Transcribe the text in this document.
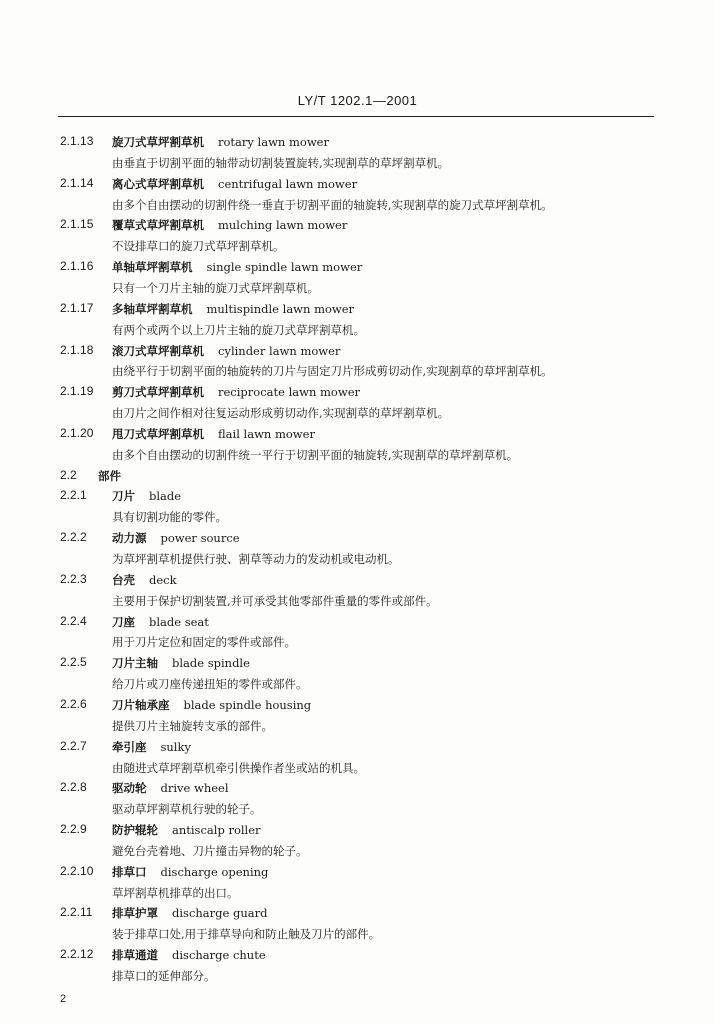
LY/T 1202.1—2001
2.1.13 旋刀式草坪割草机 rotary lawn mower
由垂直于切割平面的轴带动切割装置旋转,实现割草的草坪割草机。
2.1.14 离心式草坪割草机 centrifugal lawn mower
由多个自由摆动的切割件绕一垂直于切割平面的轴旋转,实现割草的旋刀式草坪割草机。
2.1.15 覆草式草坪割草机 mulching lawn mower
不设排草口的旋刀式草坪割草机。
2.1.16 单轴草坪割草机 single spindle lawn mower
只有一个刀片主轴的旋刀式草坪割草机。
2.1.17 多轴草坪割草机 multispindle lawn mower
有两个或两个以上刀片主轴的旋刀式草坪割草机。
2.1.18 滚刀式草坪割草机 cylinder lawn mower
由绕平行于切割平面的轴旋转的刀片与固定刀片形成剪切动作,实现割草的草坪割草机。
2.1.19 剪刀式草坪割草机 reciprocate lawn mower
由刀片之间作相对往复运动形成剪切动作,实现割草的草坪割草机。
2.1.20 甩刀式草坪割草机 flail lawn mower
由多个自由摆动的切割件统一平行于切割平面的轴旋转,实现割草的草坪割草机。
2.2 部件
2.2.1 刀片 blade
具有切割功能的零件。
2.2.2 动力源 power source
为草坪割草机提供行驶、割草等动力的发动机或电动机。
2.2.3 台壳 deck
主要用于保护切割装置,并可承受其他零部件重量的零件或部件。
2.2.4 刀座 blade seat
用于刀片定位和固定的零件或部件。
2.2.5 刀片主轴 blade spindle
给刀片或刀座传递扭矩的零件或部件。
2.2.6 刀片轴承座 blade spindle housing
提供刀片主轴旋转支承的部件。
2.2.7 牵引座 sulky
由随进式草坪割草机牵引供操作者坐或站的机具。
2.2.8 驱动轮 drive wheel
驱动草坪割草机行驶的轮子。
2.2.9 防护辊轮 antiscalp roller
避免台壳着地、刀片撞击异物的轮子。
2.2.10 排草口 discharge opening
草坪割草机排草的出口。
2.2.11 排草护罩 discharge guard
装于排草口处,用于排草导向和防止触及刀片的部件。
2.2.12 排草通道 discharge chute
排草口的延伸部分。
2
